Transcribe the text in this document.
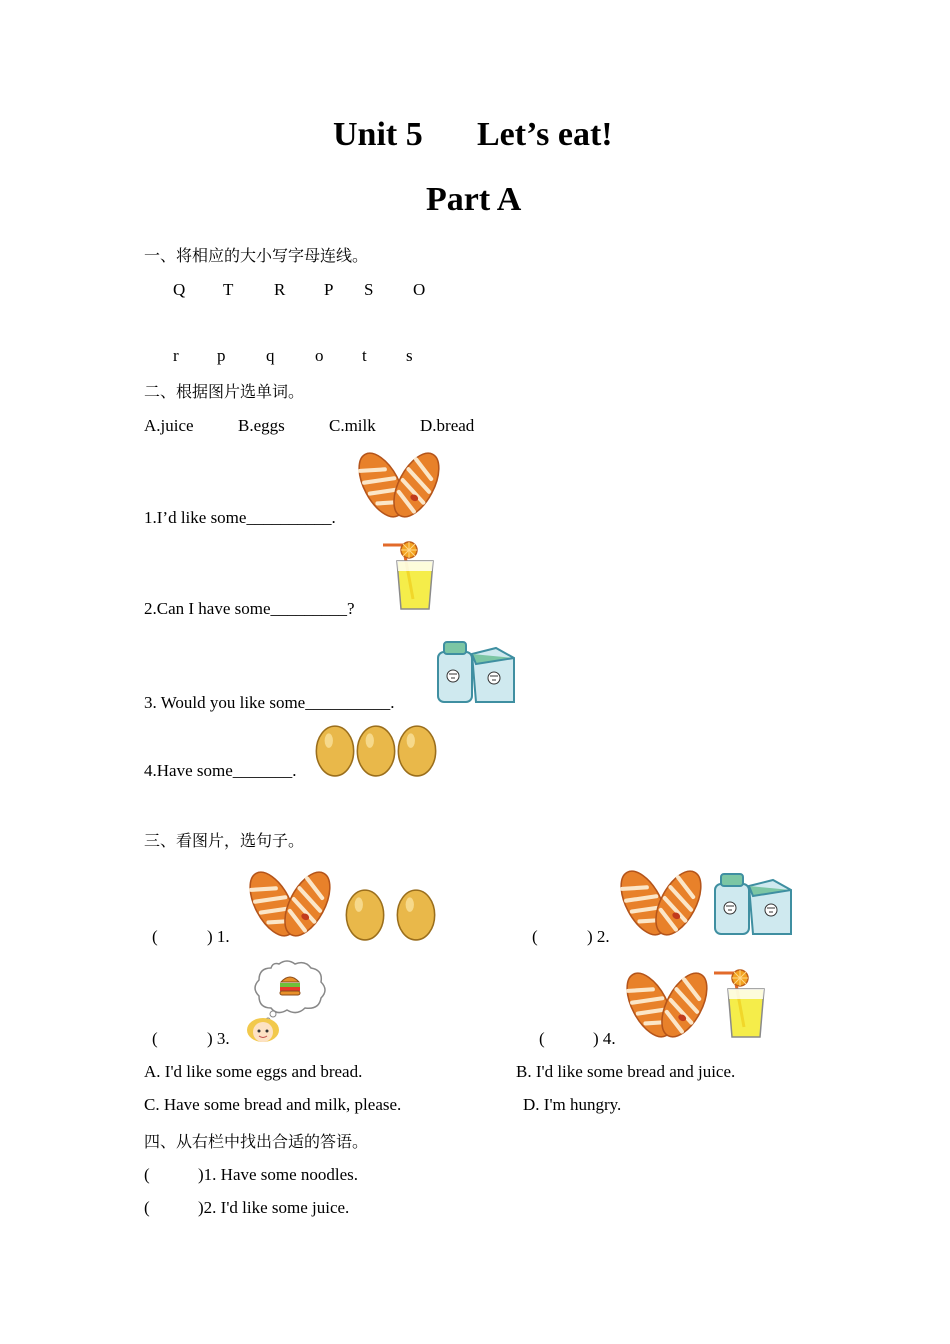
Unit 5 Let’s eat!
Part A
一、将相应的大小写字母连线。
Q T R P S O
r p q o t s
二、根据图片选单词。
A.juice	B.eggs	C.milk	D.bread
1.I’d like some__________.
2.Can I have some_________?
3. Would you like some__________.
4.Have some_______.
三、看图片，选句子。
(	) 1.	(	) 2.
(	) 3.	(	) 4.
A. I'd like some eggs and bread.	B. I'd like some bread and juice.
C. Have some bread and milk, please.	D. I'm hungry.
四、从右栏中找出合适的答语。
(	)1. Have some noodles.
(	)2. I'd like some juice.
